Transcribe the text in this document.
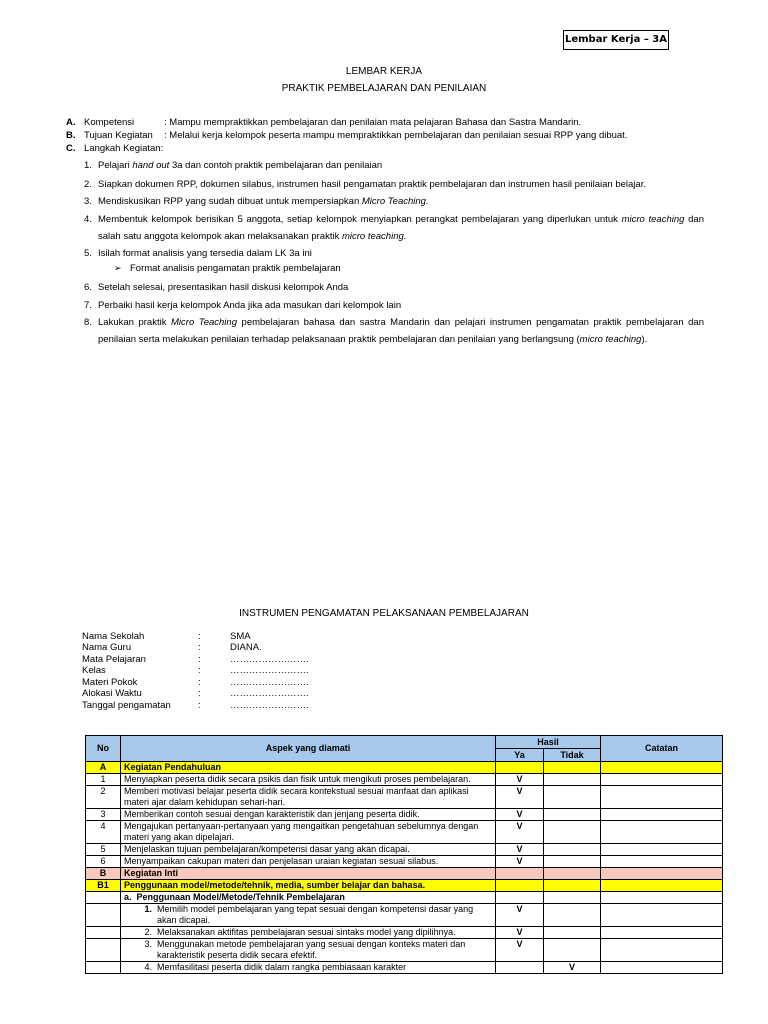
Lembar Kerja – 3A
LEMBAR KERJA
PRAKTIK PEMBELAJARAN DAN PENILAIAN
A. Kompetensi	: Mampu mempraktikkan pembelajaran dan penilaian mata pelajaran Bahasa dan Sastra Mandarin.
B. Tujuan Kegiatan : Melalui kerja kelompok peserta mampu mempraktikkan pembelajaran dan penilaian sesuai RPP yang dibuat.
C. Langkah Kegiatan:
1. Pelajari hand out 3a dan contoh praktik pembelajaran dan penilaian
2. Siapkan dokumen RPP, dokumen silabus, instrumen hasil pengamatan praktik pembelajaran dan instrumen hasil penilaian belajar.
3. Mendiskusikan RPP yang sudah dibuat untuk mempersiapkan Micro Teaching.
4. Membentuk kelompok berisikan 5 anggota, setiap kelompok menyiapkan perangkat pembelajaran yang diperlukan untuk micro teaching dan salah satu anggota kelompok akan melaksanakan praktik micro teaching.
5. Isilah format analisis yang tersedia dalam LK 3a ini
➢ Format analisis pengamatan praktik pembelajaran
6. Setelah selesai, presentasikan hasil diskusi kelompok Anda
7. Perbaiki hasil kerja kelompok Anda jika ada masukan dari kelompok lain
8. Lakukan praktik Micro Teaching pembelajaran bahasa dan sastra Mandarin dan pelajari instrumen pengamatan praktik pembelajaran dan penilaian serta melakukan penilaian terhadap pelaksanaan praktik pembelajaran dan penilaian yang berlangsung (micro teaching).
INSTRUMEN PENGAMATAN PELAKSANAAN PEMBELAJARAN
Nama Sekolah	:	SMA
Nama Guru	:	DIANA.
Mata Pelajaran	:	…………………….
Kelas	:	…………………….
Materi Pokok	:	…………………….
Alokasi Waktu	:	…………………….
Tanggal pengamatan	:	…………………….
No	Aspek yang diamati	Hasil		Catatan
		Ya	Tidak	
A	Kegiatan Pendahuluan			
1	Menyiapkan peserta didik secara psikis dan fisik untuk mengikuti proses pembelajaran.	V		
2	Memberi motivasi belajar peserta didik secara kontekstual sesuai manfaat dan aplikasi materi ajar dalam kehidupan sehari-hari.	V		
3	Memberikan contoh sesuai dengan karakteristik dan jenjang peserta didik.	V		
4	Mengajukan pertanyaan-pertanyaan yang mengaitkan pengetahuan sebelumnya dengan materi yang akan dipelajari.	V		
5	Menjelaskan tujuan pembelajaran/kompetensi dasar yang akan dicapai.	V		
6	Menyampaikan cakupan materi dan penjelasan uraian kegiatan sesuai silabus.	V		
B	Kegiatan Inti			
B1	Penggunaan model/metode/tehnik, media, sumber belajar dan bahasa.			
	a. Penggunaan Model/Metode/Tehnik Pembelajaran			

	1. Memilih model pembelajaran yang tepat sesuai dengan kompetensi dasar yang akan dicapai.	V		

	2. Melaksanakan aktifitas pembelajaran sesuai sintaks model yang dipilihnya.	V		

	3. Menggunakan metode pembelajaran yang sesuai dengan konteks materi dan karakteristik peserta didik secara efektif.	V		

	4. Memfasilitasi peserta didik dalam rangka pembiasaan karakter		V	
